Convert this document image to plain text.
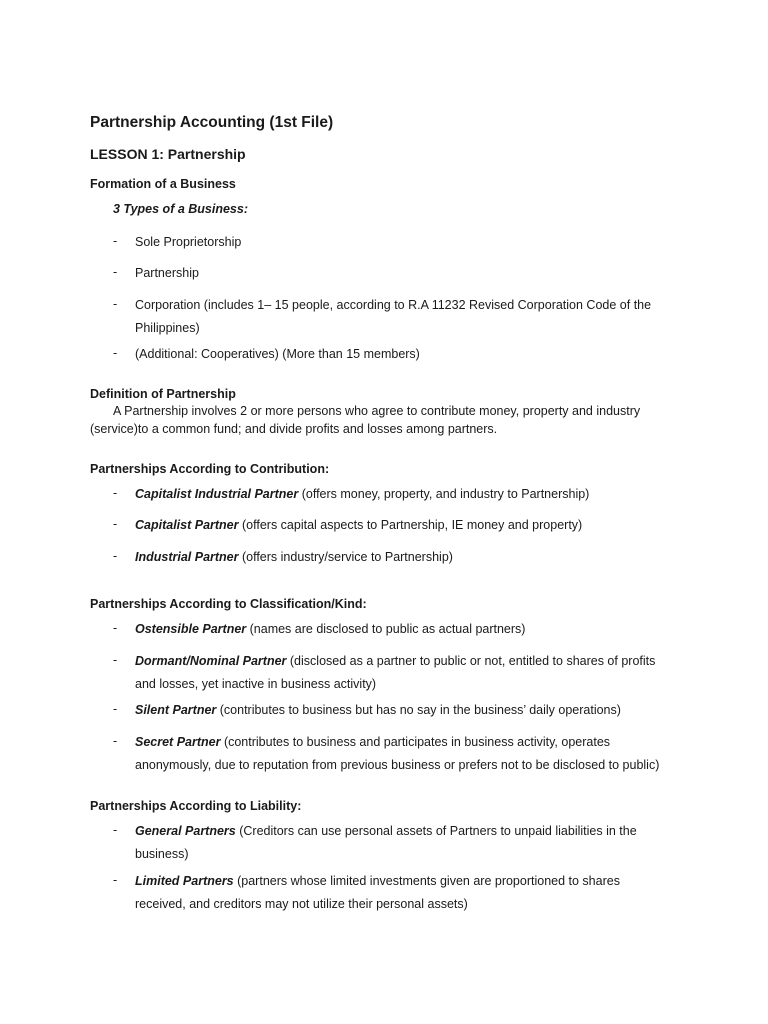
Partnership Accounting (1st File)
LESSON 1: Partnership
Formation of a Business
3 Types of a Business:
- Sole Proprietorship
- Partnership
- Corporation (includes 1– 15 people, according to R.A 11232 Revised Corporation Code of the
Philippines)
- (Additional: Cooperatives) (More than 15 members)
Definition of Partnership
A Partnership involves 2 or more persons who agree to contribute money, property and industry
(service)to a common fund; and divide profits and losses among partners.
Partnerships According to Contribution:
- Capitalist Industrial Partner (offers money, property, and industry to Partnership)
- Capitalist Partner (offers capital aspects to Partnership, IE money and property)
- Industrial Partner (offers industry/service to Partnership)
Partnerships According to Classification/Kind:
- Ostensible Partner (names are disclosed to public as actual partners)
- Dormant/Nominal Partner (disclosed as a partner to public or not, entitled to shares of profits
and losses, yet inactive in business activity)
- Silent Partner (contributes to business but has no say in the business’ daily operations)
- Secret Partner (contributes to business and participates in business activity, operates
anonymously, due to reputation from previous business or prefers not to be disclosed to public)
Partnerships According to Liability:
- General Partners (Creditors can use personal assets of Partners to unpaid liabilities in the
business)
- Limited Partners (partners whose limited investments given are proportioned to shares
received, and creditors may not utilize their personal assets)
